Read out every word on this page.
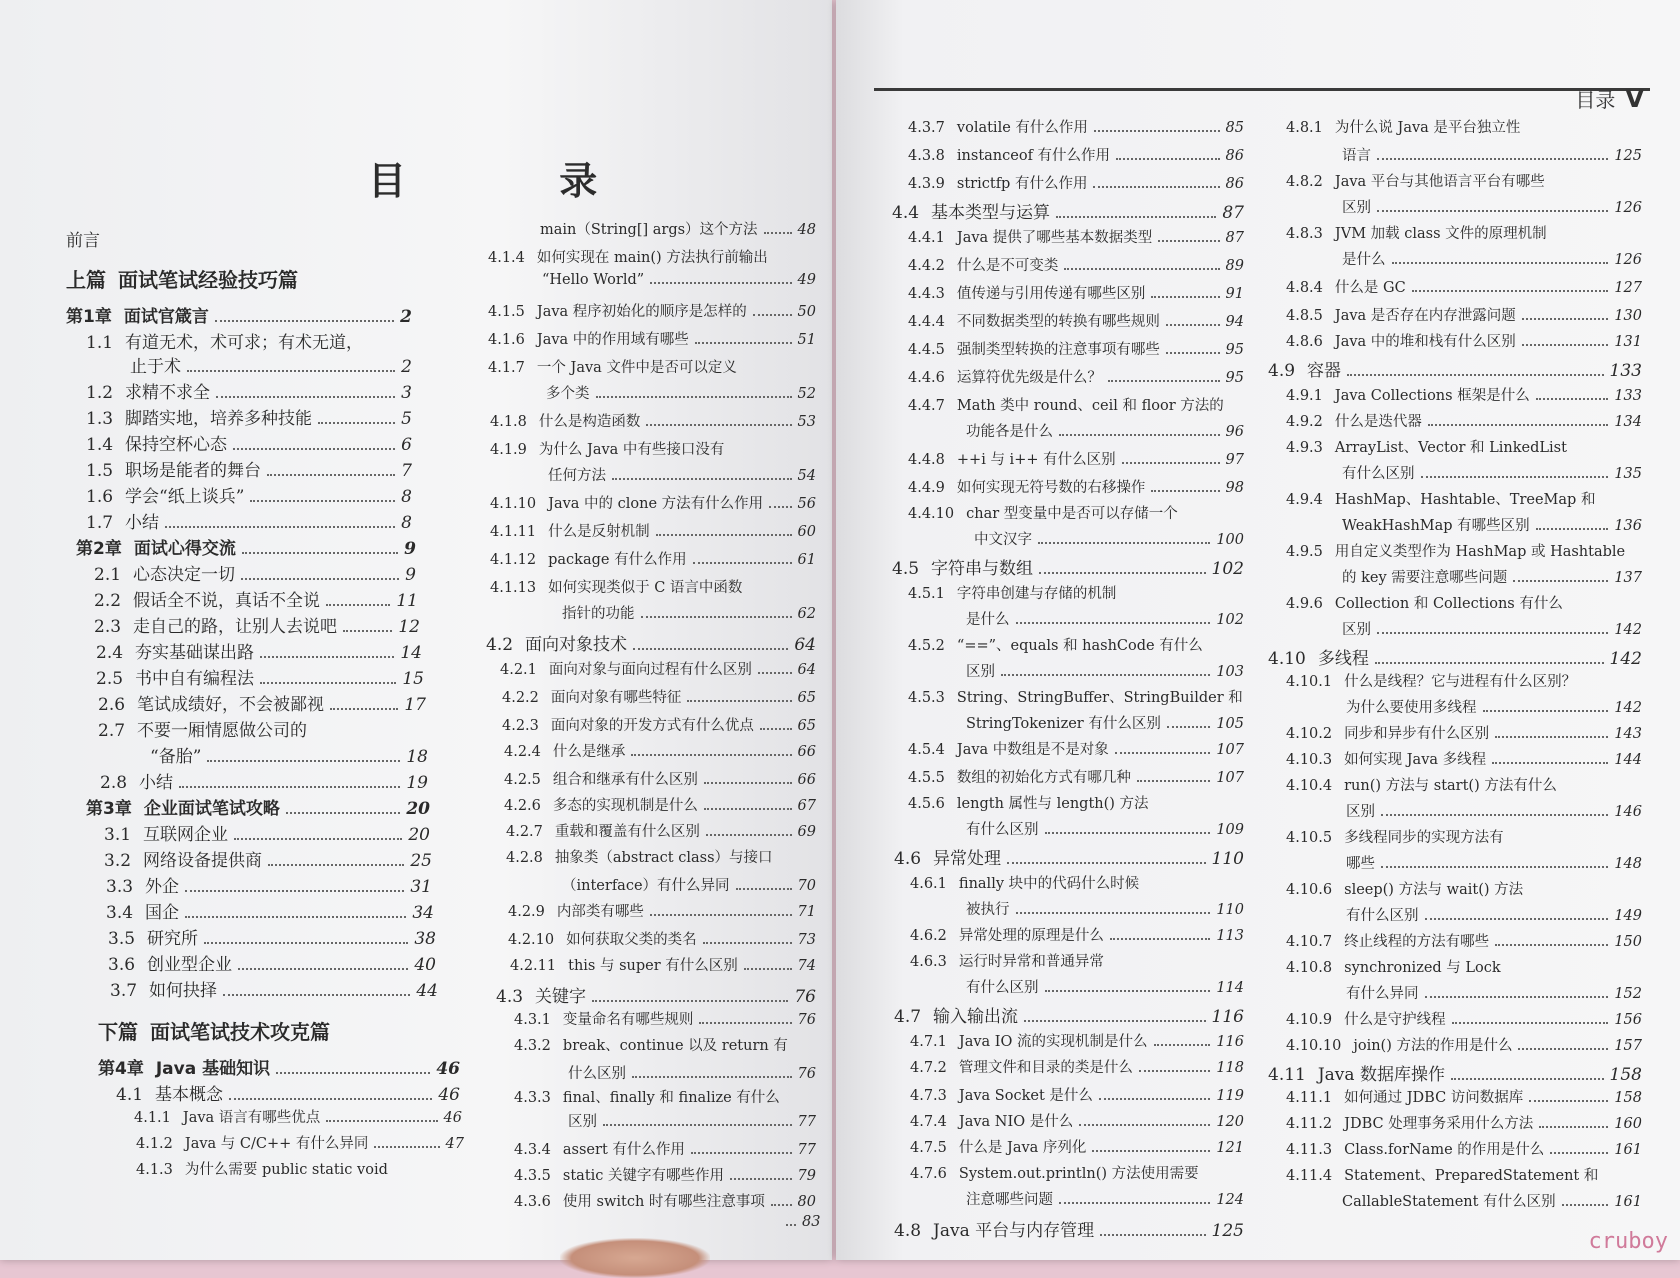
目 录
前言
上篇 面试笔试经验技巧篇
第1章 面试官箴言	2
1.1 有道无术，术可求；有术无道，
止于术	2
1.2 求精不求全	3
1.3 脚踏实地，培养多种技能	5
1.4 保持空杯心态	6
1.5 职场是能者的舞台	7
1.6 学会“纸上谈兵”	8
1.7 小结	8
第2章 面试心得交流	9
2.1 心态决定一切	9
2.2 假话全不说，真话不全说	11
2.3 走自己的路，让别人去说吧	12
2.4 夯实基础谋出路	14
2.5 书中自有编程法	15
2.6 笔试成绩好，不会被鄙视	17
2.7 不要一厢情愿做公司的
“备胎”	18
2.8 小结	19
第3章 企业面试笔试攻略	20
3.1 互联网企业	20
3.2 网络设备提供商	25
3.3 外企	31
3.4 国企	34
3.5 研究所	38
3.6 创业型企业	40
3.7 如何抉择	44
下篇 面试笔试技术攻克篇
第4章 Java 基础知识	46
4.1 基本概念	46
4.1.1 Java 语言有哪些优点	46
4.1.2 Java 与 C/C++ 有什么异同	47
4.1.3 为什么需要 public static void
main（String[] args）这个方法	48
4.1.4 如何实现在 main() 方法执行前输出
“Hello World”	49
4.1.5 Java 程序初始化的顺序是怎样的	50
4.1.6 Java 中的作用域有哪些	51
4.1.7 一个 Java 文件中是否可以定义
多个类	52
4.1.8 什么是构造函数	53
4.1.9 为什么 Java 中有些接口没有
任何方法	54
4.1.10 Java 中的 clone 方法有什么作用 56
4.1.11 什么是反射机制	60
4.1.12 package 有什么作用	61
4.1.13 如何实现类似于 C 语言中函数
指针的功能	62
4.2 面向对象技术	64
4.2.1 面向对象与面向过程有什么区别	64
4.2.2 面向对象有哪些特征	65
4.2.3 面向对象的开发方式有什么优点	65
4.2.4 什么是继承	66
4.2.5 组合和继承有什么区别	66
4.2.6 多态的实现机制是什么	67
4.2.7 重载和覆盖有什么区别	69
4.2.8 抽象类（abstract class）与接口
（interface）有什么异同	70
4.2.9 内部类有哪些	71
4.2.10 如何获取父类的类名	73
4.2.11 this 与 super 有什么区别	74
4.3 关键字	76
4.3.1 变量命名有哪些规则	76
4.3.2 break、continue 以及 return 有
什么区别	76
4.3.3 final、finally 和 finalize 有什么
区别	77
4.3.4 assert 有什么作用	77
4.3.5 static 关键字有哪些作用	79
4.3.6 使用 switch 时有哪些注意事项 80
83
目录 V
4.3.7 volatile 有什么作用	85
4.3.8 instanceof 有什么作用	86
4.3.9 strictfp 有什么作用	86
4.4 基本类型与运算	87
4.4.1 Java 提供了哪些基本数据类型	87
4.4.2 什么是不可变类	89
4.4.3 值传递与引用传递有哪些区别	91
4.4.4 不同数据类型的转换有哪些规则	94
4.4.5 强制类型转换的注意事项有哪些	95
4.4.6 运算符优先级是什么？	95
4.4.7 Math 类中 round、ceil 和 floor 方法的
功能各是什么	96
4.4.8 ++i 与 i++ 有什么区别	97
4.4.9 如何实现无符号数的右移操作	98
4.4.10 char 型变量中是否可以存储一个
中文汉字	100
4.5 字符串与数组	102
4.5.1 字符串创建与存储的机制
是什么	102
4.5.2 “==”、equals 和 hashCode 有什么
区别	103
4.5.3 String、StringBuffer、StringBuilder 和
StringTokenizer 有什么区别	105
4.5.4 Java 中数组是不是对象	107
4.5.5 数组的初始化方式有哪几种	107
4.5.6 length 属性与 length() 方法
有什么区别	109
4.6 异常处理	110
4.6.1 finally 块中的代码什么时候
被执行	110
4.6.2 异常处理的原理是什么	113
4.6.3 运行时异常和普通异常
有什么区别	114
4.7 输入输出流	116
4.7.1 Java IO 流的实现机制是什么	116
4.7.2 管理文件和目录的类是什么	118
4.7.3 Java Socket 是什么	119
4.7.4 Java NIO 是什么	120
4.7.5 什么是 Java 序列化	121
4.7.6 System.out.println() 方法使用需要
注意哪些问题	124
4.8 Java 平台与内存管理	125
4.8.1 为什么说 Java 是平台独立性
语言	125
4.8.2 Java 平台与其他语言平台有哪些
区别	126
4.8.3 JVM 加载 class 文件的原理机制
是什么	126
4.8.4 什么是 GC	127
4.8.5 Java 是否存在内存泄露问题	130
4.8.6 Java 中的堆和栈有什么区别	131
4.9 容器	133
4.9.1 Java Collections 框架是什么	133
4.9.2 什么是迭代器	134
4.9.3 ArrayList、Vector 和 LinkedList
有什么区别	135
4.9.4 HashMap、Hashtable、TreeMap 和
WeakHashMap 有哪些区别	136
4.9.5 用自定义类型作为 HashMap 或 Hashtable
的 key 需要注意哪些问题	137
4.9.6 Collection 和 Collections 有什么
区别	142
4.10 多线程	142
4.10.1 什么是线程？它与进程有什么区别？
为什么要使用多线程	142
4.10.2 同步和异步有什么区别	143
4.10.3 如何实现 Java 多线程	144
4.10.4 run() 方法与 start() 方法有什么
区别	146
4.10.5 多线程同步的实现方法有
哪些	148
4.10.6 sleep() 方法与 wait() 方法
有什么区别	149
4.10.7 终止线程的方法有哪些	150
4.10.8 synchronized 与 Lock
有什么异同	152
4.10.9 什么是守护线程	156
4.10.10 join() 方法的作用是什么	157
4.11 Java 数据库操作	158
4.11.1 如何通过 JDBC 访问数据库	158
4.11.2 JDBC 处理事务采用什么方法	160
4.11.3 Class.forName 的作用是什么	161
4.11.4 Statement、PreparedStatement 和
CallableStatement 有什么区别	161
cruboy
